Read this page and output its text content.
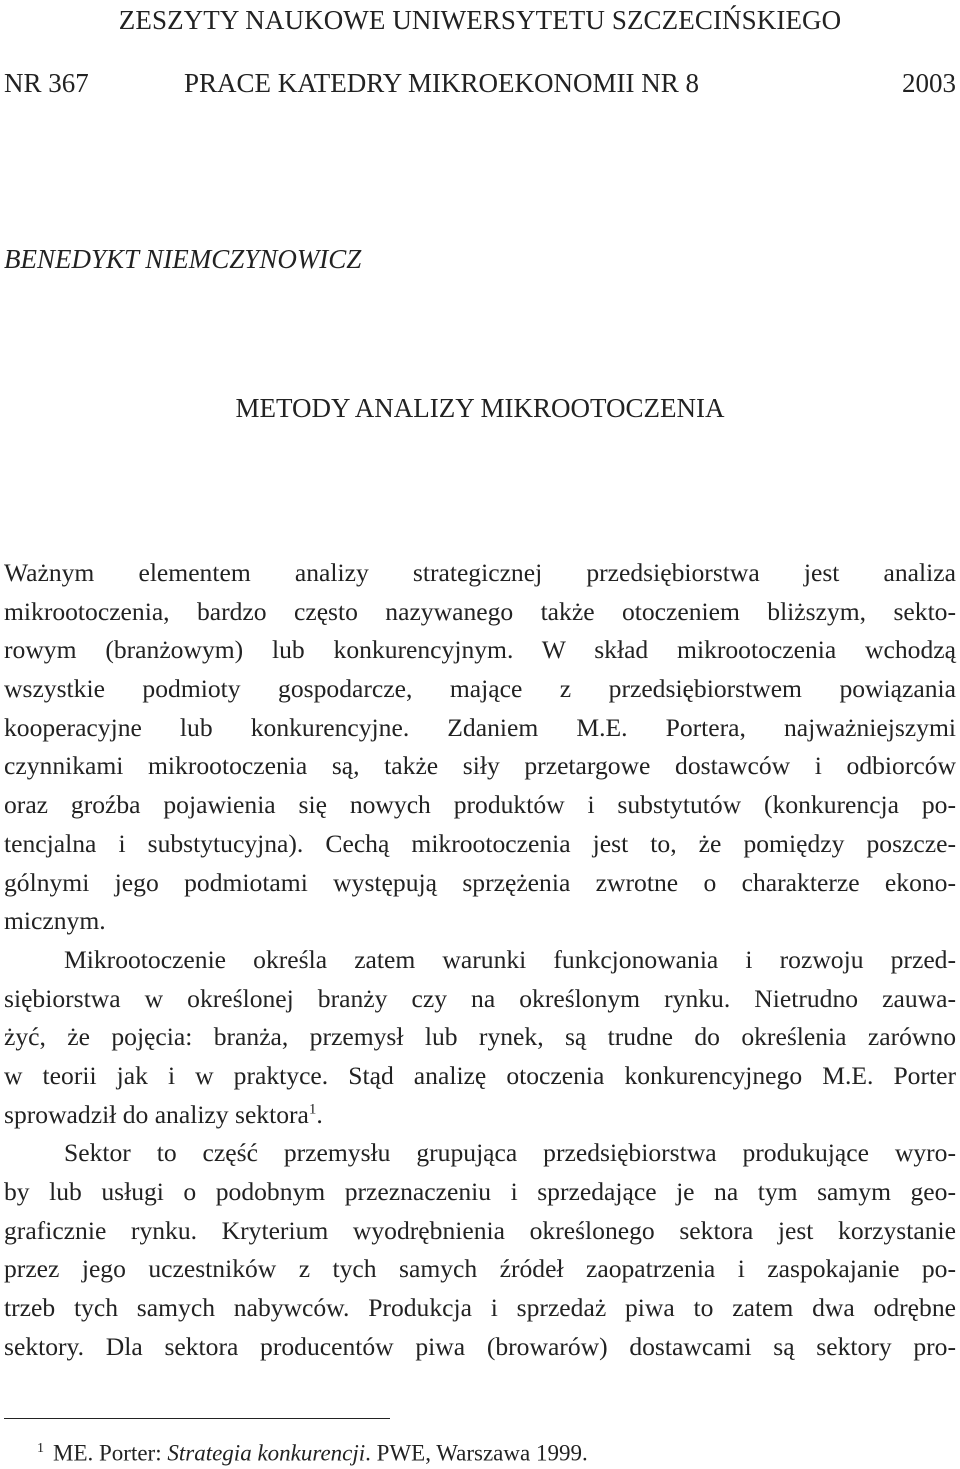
ZESZYTY NAUKOWE UNIWERSYTETU SZCZECIŃSKIEGO
NR 367	PRACE KATEDRY MIKROEKONOMII NR 8	2003
BENEDYKT NIEMCZYNOWICZ
METODY ANALIZY MIKROOTOCZENIA
Ważnym elementem analizy strategicznej przedsiębiorstwa jest analiza
mikrootoczenia, bardzo często nazywanego także otoczeniem bliższym, sekto-
rowym (branżowym) lub konkurencyjnym. W skład mikrootoczenia wchodzą
wszystkie podmioty gospodarcze, mające z przedsiębiorstwem powiązania
kooperacyjne lub konkurencyjne. Zdaniem M.E. Portera, najważniejszymi
czynnikami mikrootoczenia są, także siły przetargowe dostawców i odbiorców
oraz groźba pojawienia się nowych produktów i substytutów (konkurencja po-
tencjalna i substytucyjna). Cechą mikrootoczenia jest to, że pomiędzy poszcze-
gólnymi jego podmiotami występują sprzężenia zwrotne o charakterze ekono-
micznym.
Mikrootoczenie określa zatem warunki funkcjonowania i rozwoju przed-
siębiorstwa w określonej branży czy na określonym rynku. Nietrudno zauwa-
żyć, że pojęcia: branża, przemysł lub rynek, są trudne do określenia zarówno
w teorii jak i w praktyce. Stąd analizę otoczenia konkurencyjnego M.E. Porter
sprowadził do analizy sektora$^1$.
Sektor to część przemysłu grupująca przedsiębiorstwa produkujące wyro-
by lub usługi o podobnym przeznaczeniu i sprzedające je na tym samym geo-
graficznie rynku. Kryterium wyodrębnienia określonego sektora jest korzystanie
przez jego uczestników z tych samych źródeł zaopatrzenia i zaspokajanie po-
trzeb tych samych nabywców. Produkcja i sprzedaż piwa to zatem dwa odrębne
sektory. Dla sektora producentów piwa (browarów) dostawcami są sektory pro-
$^1$ ME. Porter: Strategia konkurencji. PWE, Warszawa 1999.
